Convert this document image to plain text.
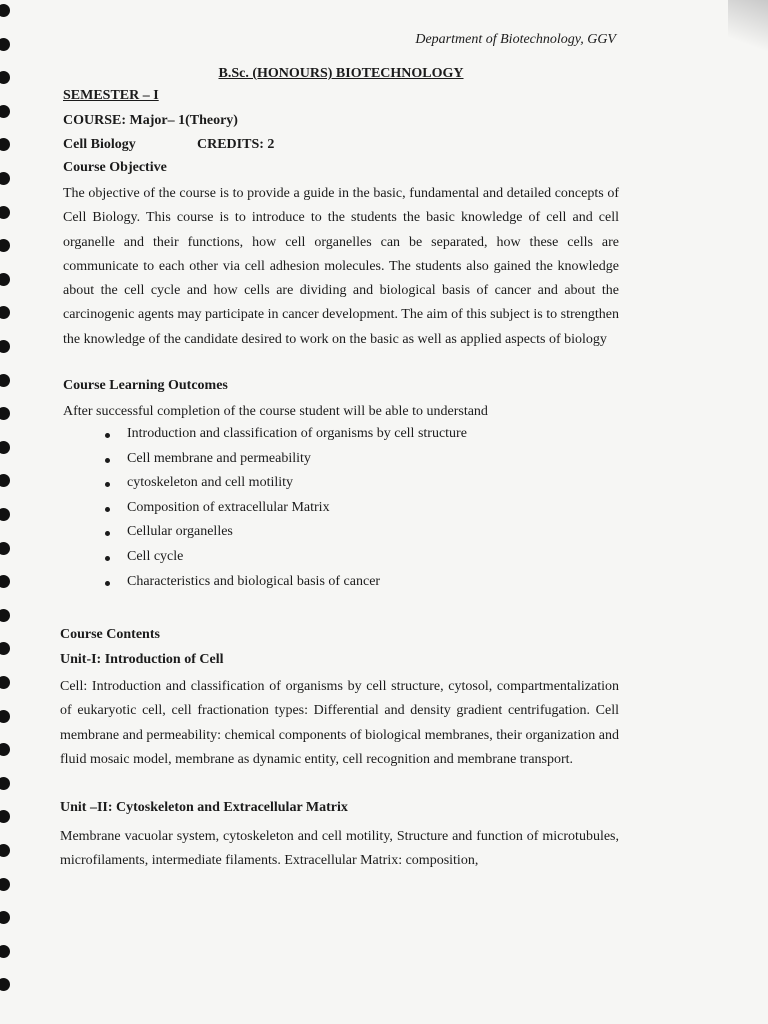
Department of Biotechnology, GGV
B.Sc. (HONOURS) BIOTECHNOLOGY
SEMESTER – I
COURSE: Major– 1(Theory)
Cell Biology	CREDITS: 2
Course Objective
The objective of the course is to provide a guide in the basic, fundamental and detailed concepts of Cell Biology. This course is to introduce to the students the basic knowledge of cell and cell organelle and their functions, how cell organelles can be separated, how these cells are communicate to each other via cell adhesion molecules. The students also gained the knowledge about the cell cycle and how cells are dividing and biological basis of cancer and about the carcinogenic agents may participate in cancer development. The aim of this subject is to strengthen the knowledge of the candidate desired to work on the basic as well as applied aspects of biology
Course Learning Outcomes
After successful completion of the course student will be able to understand
Introduction and classification of organisms by cell structure
Cell membrane and permeability
cytoskeleton and cell motility
Composition of extracellular Matrix
Cellular organelles
Cell cycle
Characteristics and biological basis of cancer
Course Contents
Unit-I: Introduction of Cell
Cell: Introduction and classification of organisms by cell structure, cytosol, compartmentalization of eukaryotic cell, cell fractionation types: Differential and density gradient centrifugation. Cell membrane and permeability: chemical components of biological membranes, their organization and fluid mosaic model, membrane as dynamic entity, cell recognition and membrane transport.
Unit –II: Cytoskeleton and Extracellular Matrix
Membrane vacuolar system, cytoskeleton and cell motility, Structure and function of microtubules, microfilaments, intermediate filaments. Extracellular Matrix: composition,
